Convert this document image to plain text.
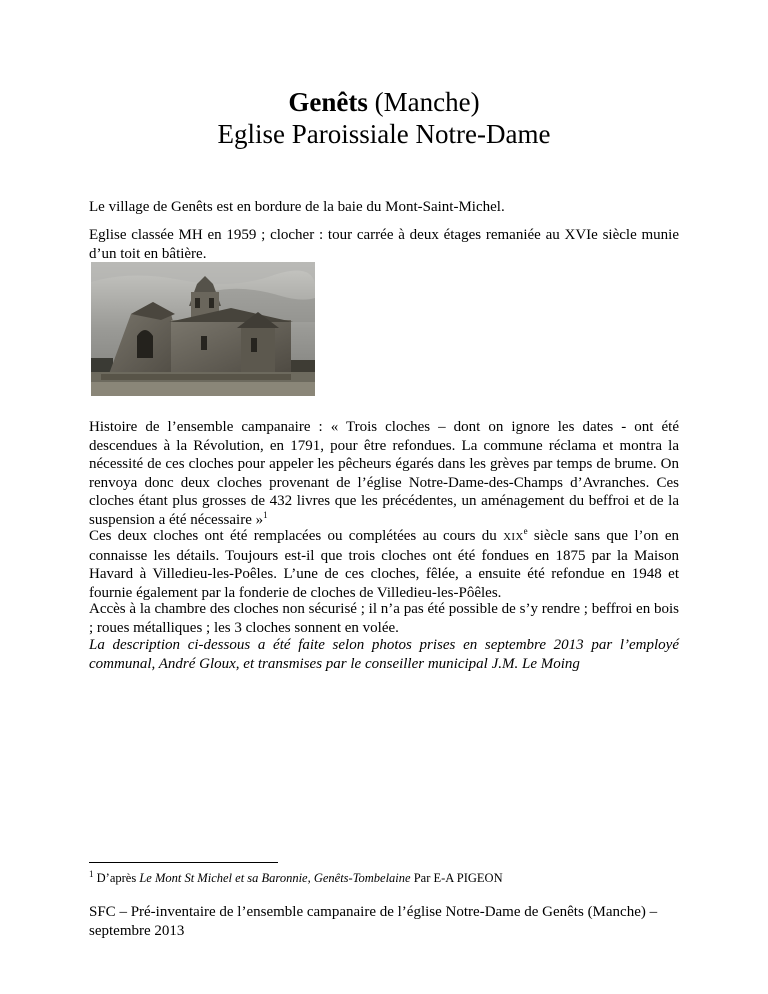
Genêts (Manche)
Eglise Paroissiale Notre-Dame
Le village de Genêts est en bordure de la baie du Mont-Saint-Michel.
Eglise classée MH en 1959 ; clocher : tour carrée à deux étages remaniée au XVIe siècle munie d’un toit en bâtière.
Histoire de l’ensemble campanaire : « Trois cloches – dont on ignore les dates - ont été descendues à la Révolution, en 1791, pour être refondues. La commune réclama et montra la nécessité de ces cloches pour appeler les pêcheurs égarés dans les grèves par temps de brume. On renvoya donc deux cloches provenant de l’église Notre-Dame-des-Champs d’Avranches. Ces cloches étant plus grosses de 432 livres que les précédentes, un aménagement du beffroi et de la suspension a été nécessaire »$^1$
Ces deux cloches ont été remplacées ou complétées au cours du XIXe siècle sans que l’on en connaisse les détails. Toujours est-il que trois cloches ont été fondues en 1875 par la Maison Havard à Villedieu-les-Poêles. L’une de ces cloches, fêlée, a ensuite été refondue en 1948 et fournie également par la fonderie de cloches de Villedieu-les-Pôêles.
Accès à la chambre des cloches non sécurisé ; il n’a pas été possible de s’y rendre ; beffroi en bois ; roues métalliques ; les 3 cloches sonnent en volée.
La description ci-dessous a été faite selon photos prises en septembre 2013 par l’employé communal, André Gloux, et transmises par le conseiller municipal J.M. Le Moing
$^1$ D’après Le Mont St Michel et sa Baronnie, Genêts-Tombelaine Par E-A PIGEON
SFC – Pré-inventaire de l’ensemble campanaire de l’église Notre-Dame de Genêts (Manche) – septembre 2013
